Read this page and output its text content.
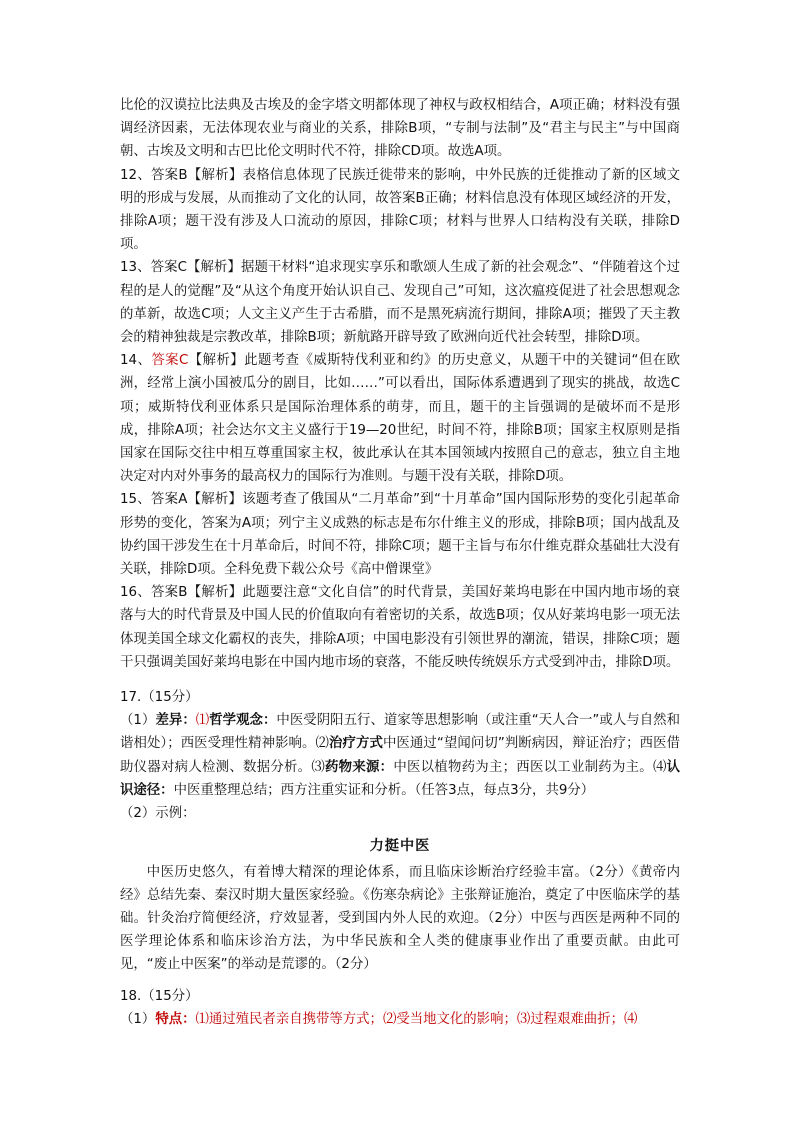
比伦的汉谟拉比法典及古埃及的金字塔文明都体现了神权与政权相结合，A项正确；材料没有强调经济因素，无法体现农业与商业的关系，排除B项，“专制与法制”及“君主与民主”与中国商朝、古埃及文明和古巴比伦文明时代不符，排除CD项。故选A项。

12、答案B【解析】表格信息体现了民族迁徙带来的影响，中外民族的迁徙推动了新的区域文明的形成与发展，从而推动了文化的认同，故答案B正确；材料信息没有体现区域经济的开发，排除A项；题干没有涉及人口流动的原因，排除C项；材料与世界人口结构没有关联，排除D项。

13、答案C【解析】据题干材料“追求现实享乐和歌颂人生成了新的社会观念”、“伴随着这个过程的是人的觉醒”及“从这个角度开始认识自己、发现自己”可知，这次瘟疫促进了社会思想观念的革新，故选C项；人文主义产生于古希腊，而不是黑死病流行期间，排除A项；摧毁了天主教会的精神独裁是宗教改革，排除B项；新航路开辟导致了欧洲向近代社会转型，排除D项。

14、答案C【解析】此题考查《威斯特伐利亚和约》的历史意义，从题干中的关键词“但在欧洲，经常上演小国被瓜分的剧目，比如……”可以看出，国际体系遭遇到了现实的挑战，故选C项；威斯特伐利亚体系只是国际治理体系的萌芽，而且，题干的主旨强调的是破坏而不是形成，排除A项；社会达尔文主义盛行于19—20世纪，时间不符，排除B项；国家主权原则是指国家在国际交往中相互尊重国家主权，彼此承认在其本国领域内按照自己的意志，独立自主地决定对内对外事务的最高权力的国际行为准则。与题干没有关联，排除D项。

15、答案A【解析】该题考查了俄国从“二月革命”到“十月革命”国内国际形势的变化引起革命形势的变化，答案为A项；列宁主义成熟的标志是布尔什维主义的形成，排除B项；国内战乱及协约国干涉发生在十月革命后，时间不符，排除C项；题干主旨与布尔什维克群众基础壮大没有关联，排除D项。全科免费下载公众号《高中僧课堂》

16、答案B【解析】此题要注意“文化自信”的时代背景，美国好莱坞电影在中国内地市场的衰落与大的时代背景及中国人民的价值取向有着密切的关系，故选B项；仅从好莱坞电影一项无法体现美国全球文化霸权的丧失，排除A项；中国电影没有引领世界的潮流，错误，排除C项；题干只强调美国好莱坞电影在中国内地市场的衰落，不能反映传统娱乐方式受到冲击，排除D项。

17.（15分）

（1）差异：⑴哲学观念：中医受阴阳五行、道家等思想影响（或注重“天人合一”或人与自然和谐相处）；西医受理性精神影响。⑵治疗方式中医通过“望闻问切”判断病因，辩证治疗；西医借助仪器对病人检测、数据分析。⑶药物来源：中医以植物药为主；西医以工业制药为主。⑷认识途径：中医重整理总结；西方注重实证和分析。（任答3点，每点3分，共9分）

（2）示例：

力挺中医

中医历史悠久，有着博大精深的理论体系，而且临床诊断治疗经验丰富。（2分）《黄帝内经》总结先秦、秦汉时期大量医家经验。《伤寒杂病论》主张辩证施治，奠定了中医临床学的基础。针灸治疗简便经济，疗效显著，受到国内外人民的欢迎。（2分）中医与西医是两种不同的医学理论体系和临床诊治方法，为中华民族和全人类的健康事业作出了重要贡献。由此可见，“废止中医案”的举动是荒谬的。（2分）

18.（15分）

（1）特点：⑴通过殖民者亲自携带等方式；⑵受当地文化的影响；⑶过程艰难曲折；⑷
